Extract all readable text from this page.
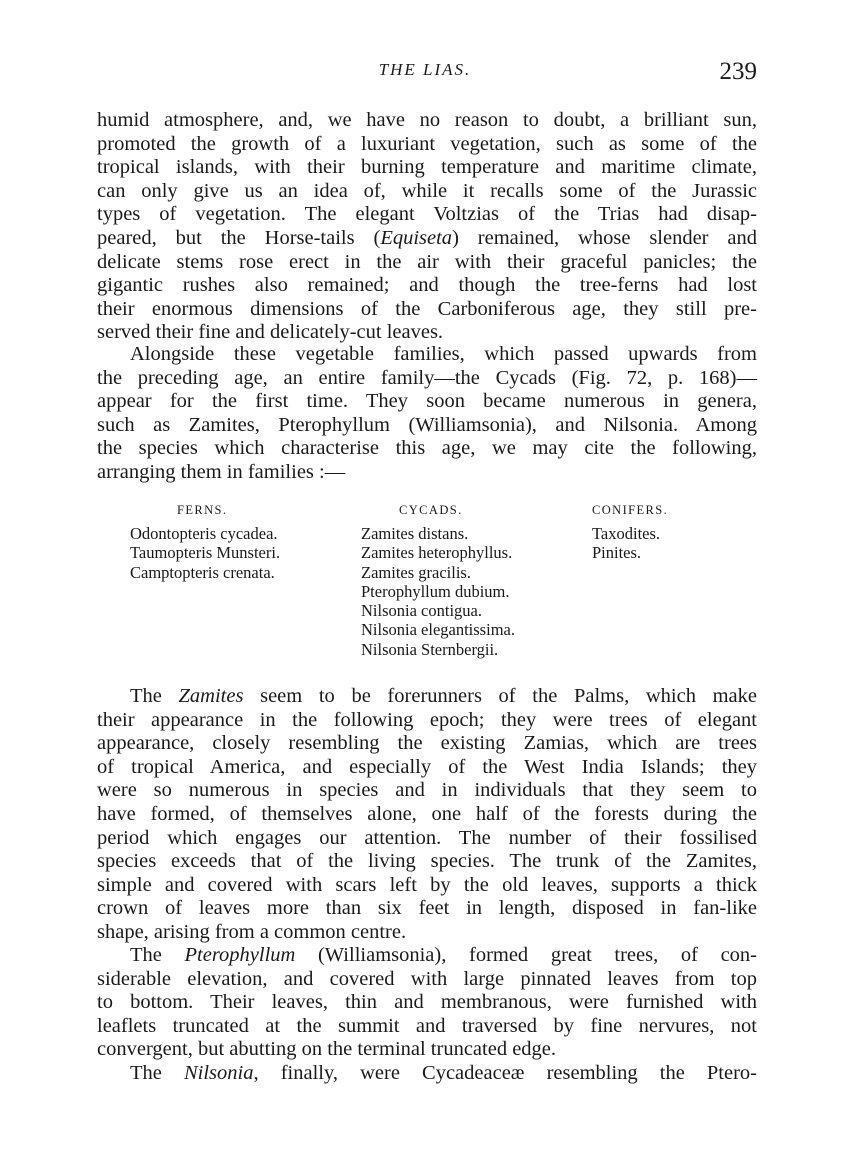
THE LIAS.	239
humid atmosphere, and, we have no reason to doubt, a brilliant sun,
promoted the growth of a luxuriant vegetation, such as some of the
tropical islands, with their burning temperature and maritime climate,
can only give us an idea of, while it recalls some of the Jurassic
types of vegetation. The elegant Voltzias of the Trias had disap-
peared, but the Horse-tails (Equiseta) remained, whose slender and
delicate stems rose erect in the air with their graceful panicles; the
gigantic rushes also remained; and though the tree-ferns had lost
their enormous dimensions of the Carboniferous age, they still pre-
served their fine and delicately-cut leaves.
Alongside these vegetable families, which passed upwards from
the preceding age, an entire family—the Cycads (Fig. 72, p. 168)—
appear for the first time. They soon became numerous in genera,
such as Zamites, Pterophyllum (Williamsonia), and Nilsonia. Among
the species which characterise this age, we may cite the following,
arranging them in families :—
FERNS.
Odontopteris cycadea.
Taumopteris Munsteri.
Camptopteris crenata.
CYCADS.
Zamites distans.
Zamites heterophyllus.
Zamites gracilis.
Pterophyllum dubium.
Nilsonia contigua.
Nilsonia elegantissima.
Nilsonia Sternbergii.
CONIFERS.
Taxodites.
Pinites.
The Zamites seem to be forerunners of the Palms, which make
their appearance in the following epoch; they were trees of elegant
appearance, closely resembling the existing Zamias, which are trees
of tropical America, and especially of the West India Islands; they
were so numerous in species and in individuals that they seem to
have formed, of themselves alone, one half of the forests during the
period which engages our attention. The number of their fossilised
species exceeds that of the living species. The trunk of the Zamites,
simple and covered with scars left by the old leaves, supports a thick
crown of leaves more than six feet in length, disposed in fan-like
shape, arising from a common centre.
The Pterophyllum (Williamsonia), formed great trees, of con-
siderable elevation, and covered with large pinnated leaves from top
to bottom. Their leaves, thin and membranous, were furnished with
leaflets truncated at the summit and traversed by fine nervures, not
convergent, but abutting on the terminal truncated edge.
The Nilsonia, finally, were Cycadeaceæ resembling the Ptero-
